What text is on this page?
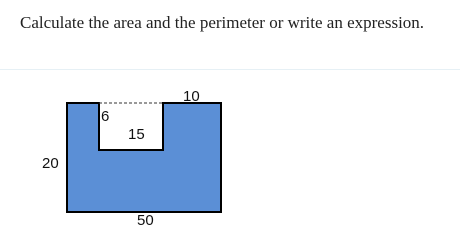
Calculate the area and the perimeter or write an expression.
10
6
15
20
50
